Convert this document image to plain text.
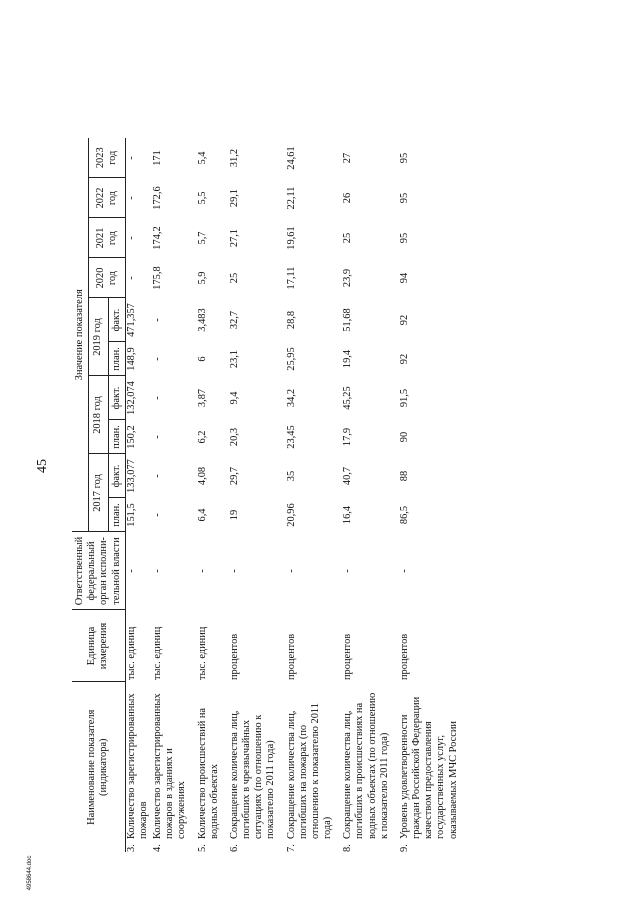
45
4958644.doc
Наименование показателя (индикатора)	Единица измерения	Ответственный федеральный орган исполни-тельной власти	Значение показателя									
			2017 год		2018 год		2019 год		2020 год	2021 год	2022 год	2023 год
			план.	факт.	план.	факт.	план.	факт.				
3.Количество зарегистрированных пожаров	тыс. единиц	-	151,5	133,077	150,2	132,074	148,9	471,357	-	-	-	-
4.Количество зарегистрированных пожаров в зданиях и сооружениях	тыс. единиц	-	-	-	-	-	-	-	175,8	174,2	172,6	171
5.Количество происшествий на водных объектах	тыс. единиц	-	6,4	4,08	6,2	3,87	6	3,483	5,9	5,7	5,5	5,4
6.Сокращение количества лиц, погибших в чрезвычайных ситуациях (по отношению к показателю 2011 года)	процентов	-	19	29,7	20,3	9,4	23,1	32,7	25	27,1	29,1	31,2
7.Сокращение количества лиц, погибших на пожарах (по отношению к показателю 2011 года)	процентов	-	20,96	35	23,45	34,2	25,95	28,8	17,11	19,61	22,11	24,61
8.Сокращение количества лиц, погибших в происшествиях на водных объектах (по отношению к показателю 2011 года)	процентов	-	16,4	40,7	17,9	45,25	19,4	51,68	23,9	25	26	27
9.Уровень удовлетворенности граждан Российской Федерации качеством предоставления государственных услуг, оказываемых МЧС России	процентов	-	86,5	88	90	91,5	92	92	94	95	95	95
